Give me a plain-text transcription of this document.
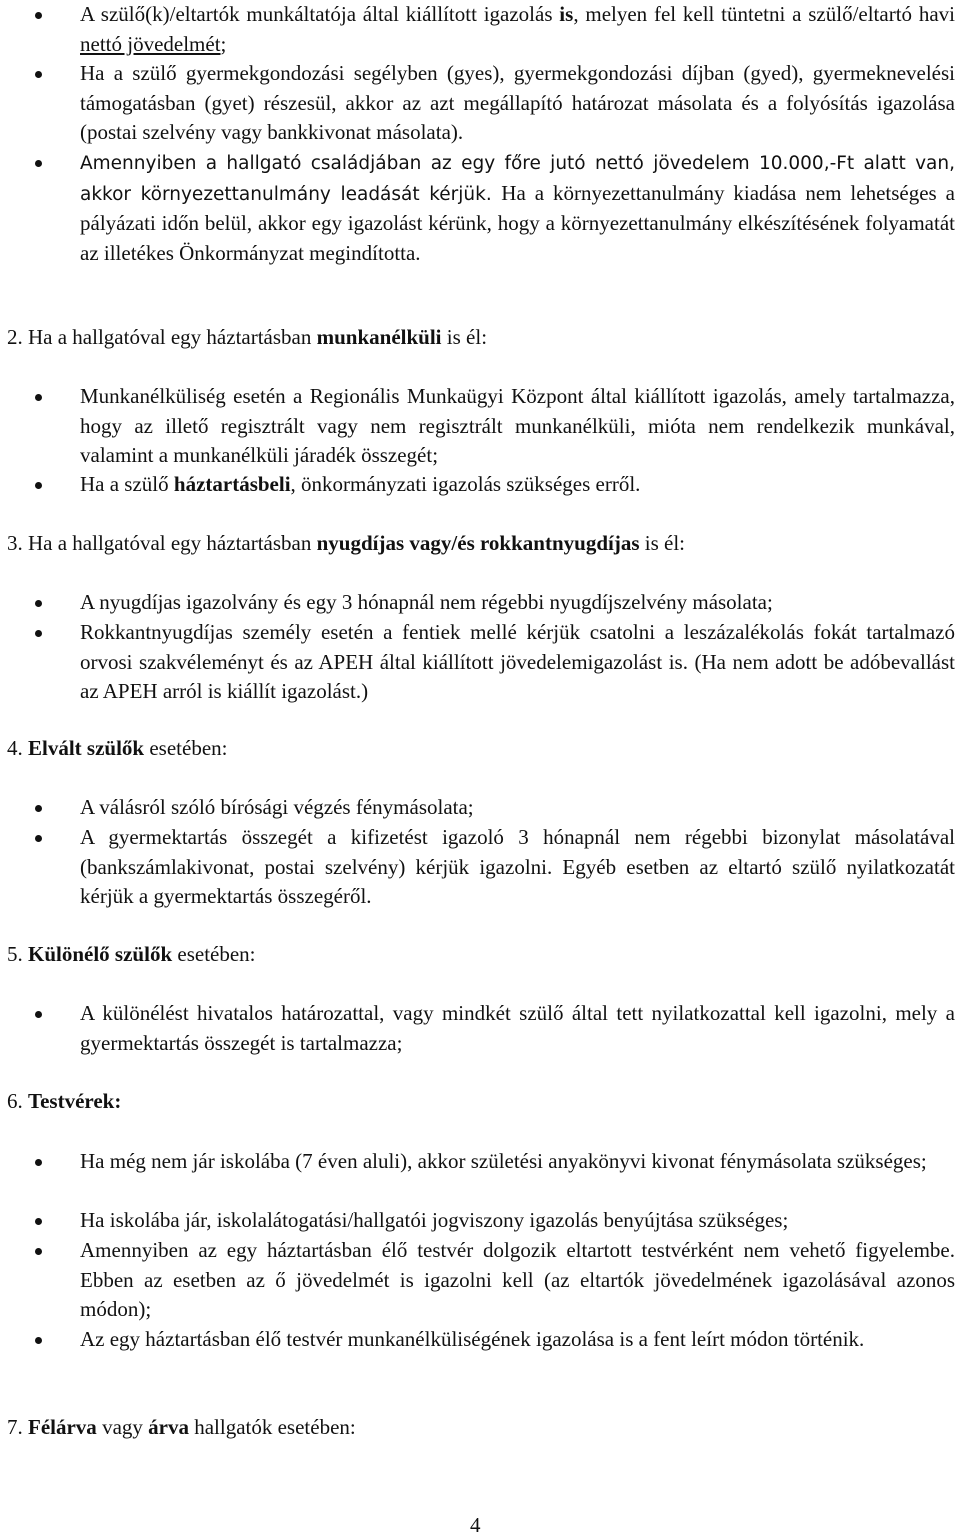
A szülő(k)/eltartók munkáltatója által kiállított igazolás is, melyen fel kell tüntetni a szülő/eltartó havi nettó jövedelmét;

Ha a szülő gyermekgondozási segélyben (gyes), gyermekgondozási díjban (gyed), gyermeknevelési támogatásban (gyet) részesül, akkor az azt megállapító határozat másolata és a folyósítás igazolása (postai szelvény vagy bankkivonat másolata).

Amennyiben a hallgató családjában az egy főre jutó nettó jövedelem 10.000,-Ft alatt van, akkor környezettanulmány leadását kérjük. Ha a környezettanulmány kiadása nem lehetséges a pályázati időn belül, akkor egy igazolást kérünk, hogy a környezettanulmány elkészítésének folyamatát az illetékes Önkormányzat megindította.

2. Ha a hallgatóval egy háztartásban munkanélküli is él:

Munkanélküliség esetén a Regionális Munkaügyi Központ által kiállított igazolás, amely tartalmazza, hogy az illető regisztrált vagy nem regisztrált munkanélküli, mióta nem rendelkezik munkával, valamint a munkanélküli járadék összegét;

Ha a szülő háztartásbeli, önkormányzati igazolás szükséges erről.

3. Ha a hallgatóval egy háztartásban nyugdíjas vagy/és rokkantnyugdíjas is él:

A nyugdíjas igazolvány és egy 3 hónapnál nem régebbi nyugdíjszelvény másolata;

Rokkantnyugdíjas személy esetén a fentiek mellé kérjük csatolni a leszázalékolás fokát tartalmazó orvosi szakvéleményt és az APEH által kiállított jövedelemigazolást is. (Ha nem adott be adóbevallást az APEH arról is kiállít igazolást.)

4. Elvált szülők esetében:

A válásról szóló bírósági végzés fénymásolata;

A gyermektartás összegét a kifizetést igazoló 3 hónapnál nem régebbi bizonylat másolatával (bankszámlakivonat, postai szelvény) kérjük igazolni. Egyéb esetben az eltartó szülő nyilatkozatát kérjük a gyermektartás összegéről.

5. Különélő szülők esetében:

A különélést hivatalos határozattal, vagy mindkét szülő által tett nyilatkozattal kell igazolni, mely a gyermektartás összegét is tartalmazza;

6. Testvérek:

Ha még nem jár iskolába (7 éven aluli), akkor születési anyakönyvi kivonat fénymásolata szükséges;

Ha iskolába jár, iskolalátogatási/hallgatói jogviszony igazolás benyújtása szükséges;

Amennyiben az egy háztartásban élő testvér dolgozik eltartott testvérként nem vehető figyelembe. Ebben az esetben az ő jövedelmét is igazolni kell (az eltartók jövedelmének igazolásával azonos módon);

Az egy háztartásban élő testvér munkanélküliségének igazolása is a fent leírt módon történik.

7. Félárva vagy árva hallgatók esetében:

4
